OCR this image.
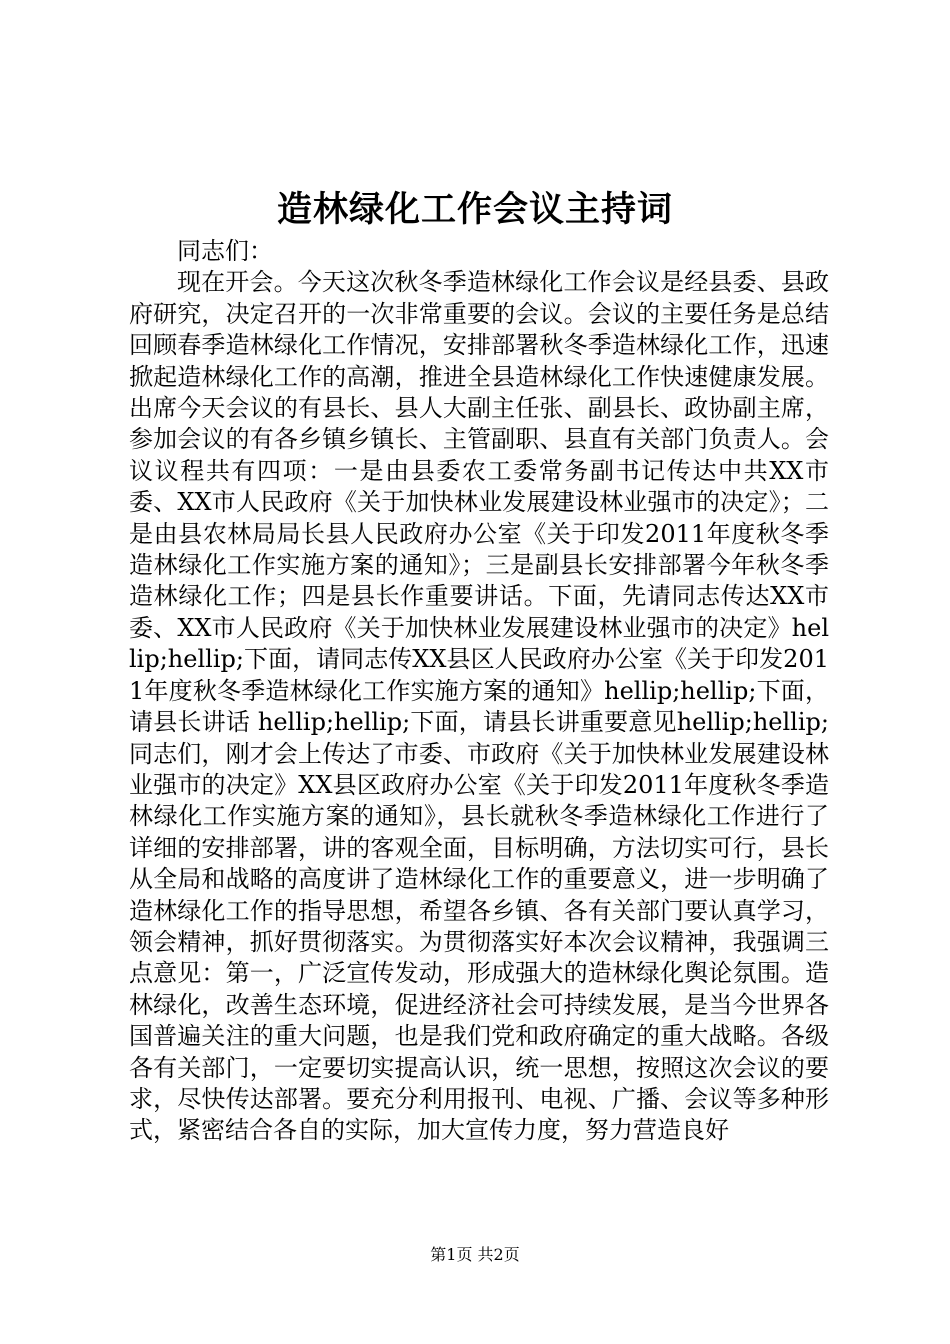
造林绿化工作会议主持词

同志们：

现在开会。今天这次秋冬季造林绿化工作会议是经县委、县政府研究，决定召开的一次非常重要的会议。会议的主要任务是总结回顾春季造林绿化工作情况，安排部署秋冬季造林绿化工作，迅速掀起造林绿化工作的高潮，推进全县造林绿化工作快速健康发展。出席今天会议的有县长、县人大副主任张、副县长、政协副主席，参加会议的有各乡镇乡镇长、主管副职、县直有关部门负责人。会议议程共有四项：一是由县委农工委常务副书记传达中共XX市委、XX市人民政府《关于加快林业发展建设林业强市的决定》；二是由县农林局局长县人民政府办公室《关于印发2011年度秋冬季造林绿化工作实施方案的通知》；三是副县长安排部署今年秋冬季造林绿化工作；四是县长作重要讲话。下面，先请同志传达XX市委、XX市人民政府《关于加快林业发展建设林业强市的决定》hellip;hellip;下面，请同志传XX县区人民政府办公室《关于印发2011年度秋冬季造林绿化工作实施方案的通知》hellip;hellip;下面，请县长讲话 hellip;hellip;下面，请县长讲重要意见hellip;hellip;同志们，刚才会上传达了市委、市政府《关于加快林业发展建设林业强市的决定》XX县区政府办公室《关于印发2011年度秋冬季造林绿化工作实施方案的通知》，县长就秋冬季造林绿化工作进行了详细的安排部署，讲的客观全面，目标明确，方法切实可行，县长从全局和战略的高度讲了造林绿化工作的重要意义，进一步明确了造林绿化工作的指导思想，希望各乡镇、各有关部门要认真学习，领会精神，抓好贯彻落实。为贯彻落实好本次会议精神，我强调三点意见：第一，广泛宣传发动，形成强大的造林绿化舆论氛围。造林绿化，改善生态环境，促进经济社会可持续发展，是当今世界各国普遍关注的重大问题，也是我们党和政府确定的重大战略。各级各有关部门，一定要切实提高认识，统一思想，按照这次会议的要求，尽快传达部署。要充分利用报刊、电视、广播、会议等多种形式，紧密结合各自的实际，加大宣传力度，努力营造良好

第1页 共2页
